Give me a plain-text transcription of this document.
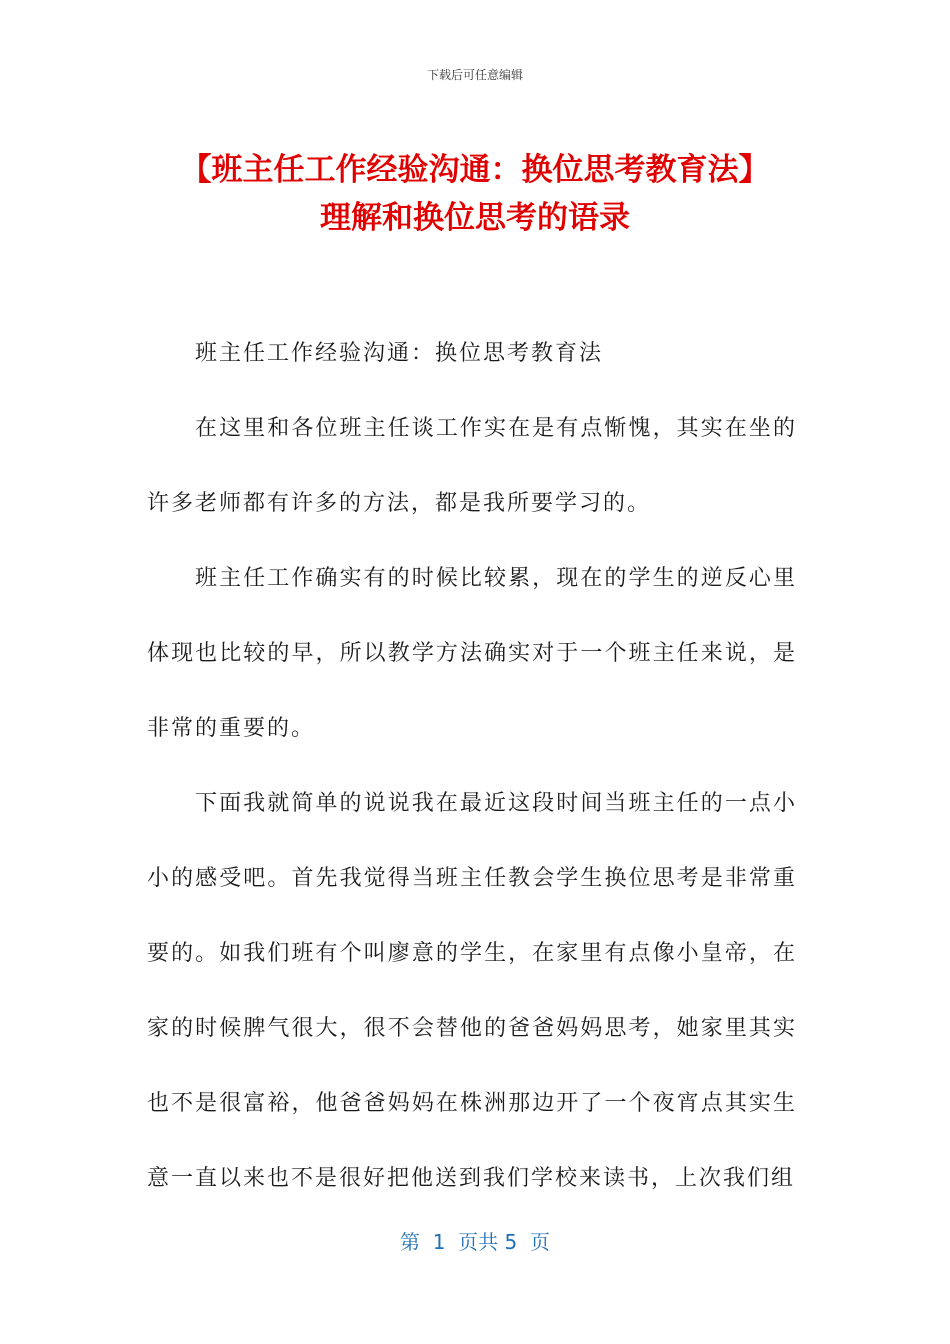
下载后可任意编辑
【班主任工作经验沟通：换位思考教育法】
理解和换位思考的语录

班主任工作经验沟通：换位思考教育法

在这里和各位班主任谈工作实在是有点惭愧，其实在坐的许多老师都有许多的方法，都是我所要学习的。

班主任工作确实有的时候比较累，现在的学生的逆反心里体现也比较的早，所以教学方法确实对于一个班主任来说，是非常的重要的。

下面我就简单的说说我在最近这段时间当班主任的一点小小的感受吧。首先我觉得当班主任教会学生换位思考是非常重要的。如我们班有个叫廖意的学生，在家里有点像小皇帝，在家的时候脾气很大，很不会替他的爸爸妈妈思考，她家里其实也不是很富裕，他爸爸妈妈在株洲那边开了一个夜宵点其实生意一直以来也不是很好把他送到我们学校来读书，上次我们组

第  1  页共 5  页
